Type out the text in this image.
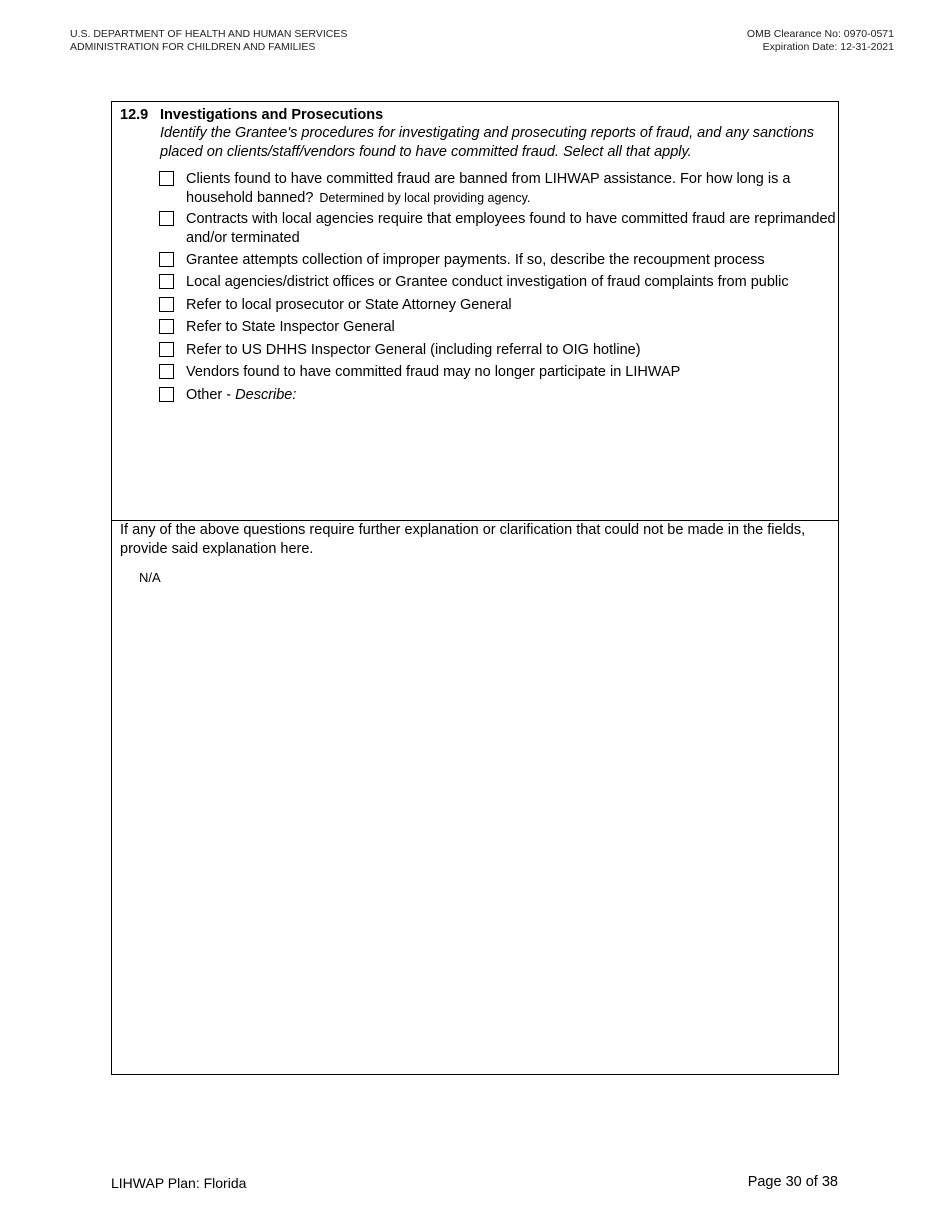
U.S. DEPARTMENT OF HEALTH AND HUMAN SERVICES
ADMINISTRATION FOR CHILDREN AND FAMILIES
OMB Clearance No: 0970-0571
Expiration Date: 12-31-2021
12.9 Investigations and Prosecutions
Identify the Grantee's procedures for investigating and prosecuting reports of fraud, and any sanctions placed on clients/staff/vendors found to have committed fraud. Select all that apply.
Clients found to have committed fraud are banned from LIHWAP assistance. For how long is a household banned? Determined by local providing agency.
Contracts with local agencies require that employees found to have committed fraud are reprimanded and/or terminated
Grantee attempts collection of improper payments. If so, describe the recoupment process
Local agencies/district offices or Grantee conduct investigation of fraud complaints from public
Refer to local prosecutor or State Attorney General
Refer to State Inspector General
Refer to US DHHS Inspector General (including referral to OIG hotline)
Vendors found to have committed fraud may no longer participate in LIHWAP
Other - Describe:
If any of the above questions require further explanation or clarification that could not be made in the fields, provide said explanation here.
N/A
LIHWAP Plan: Florida	Page 30 of 38
